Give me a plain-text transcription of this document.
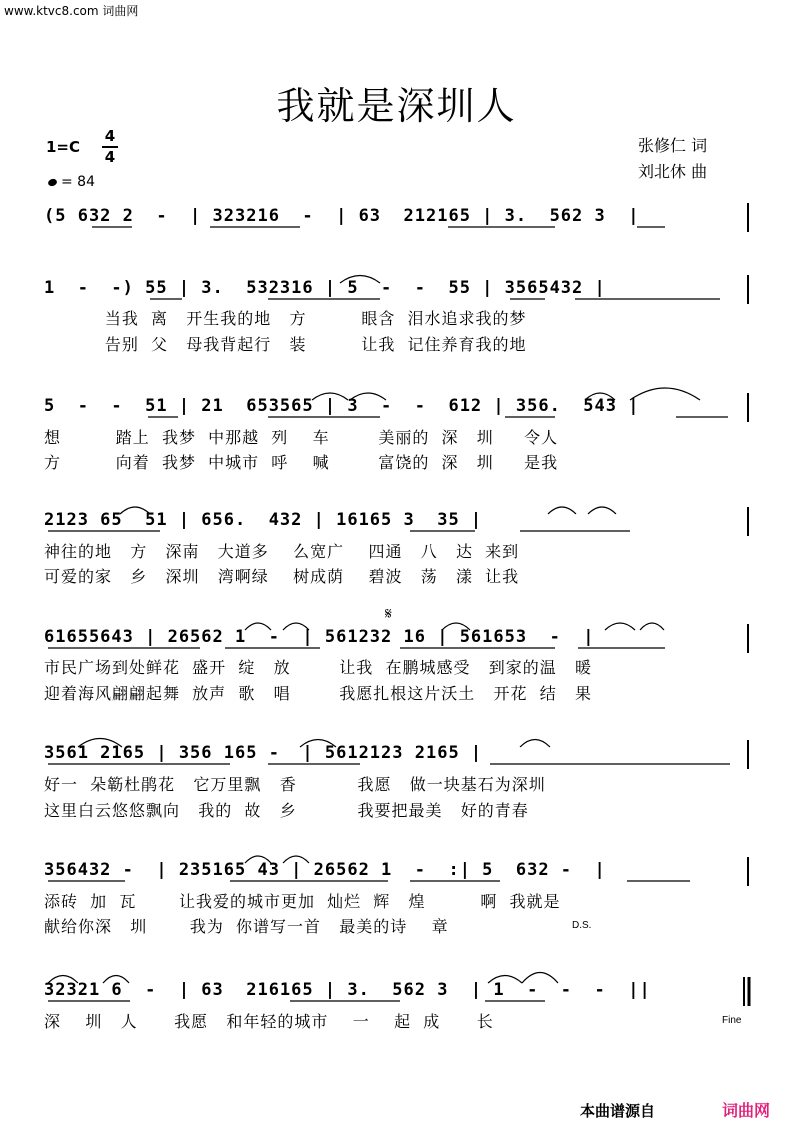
www.ktvc8.com 词曲网
我就是深圳人
1=C
4
4
= 84
张修仁 词
刘北休 曲
(5 632 2  -  | 323216  -  | 63  212165 | 3.  562 3  |
1  -  -) 55 | 3.  532316 | 5  -  -  55 | 3565432 |
当我  离   开生我的地   方         眼含  泪水追求我的梦
告别  父   母我背起行   装         让我  记住养育我的地
5  -  -  51 | 21  653565 | 3  -  -  612 | 356.  543 |
想         踏上  我梦  中那越  列    车        美丽的  深   圳     令人
方         向着  我梦  中城市  呼    喊        富饶的  深   圳     是我
2123 65  51 | 656.  432 | 16165 3  35 |
神往的地   方   深南   大道多    么宽广    四通   八   达  来到
可爱的家   乡   深圳   湾啊绿    树成荫    碧波   荡   漾  让我
𝄋
61655643 | 26562 1  -  | 561232 16 | 561653  -  |
市民广场到处鲜花  盛开  绽   放        让我  在鹏城感受   到家的温   暖
迎着海风翩翩起舞  放声  歌   唱        我愿扎根这片沃土   开花  结   果
3561 2165 | 356 165 -  | 5612123 2165 |
好一  朵簕杜鹃花   它万里飘   香          我愿   做一块基石为深圳
这里白云悠悠飘向   我的  故   乡          我要把最美   好的青春
356432 -  | 235165 43 | 26562 1  -  :| 5  632 -  |
添砖  加  瓦       让我爱的城市更加  灿烂  辉   煌         啊  我就是
献给你深   圳       我为  你谱写一首   最美的诗    章	D.S.
32321 6  -  | 63  216165 | 3.  562 3  | 1  -  -  -  ||
深    圳   人      我愿   和年轻的城市    一    起  成      长	Fine
本曲谱源自	词曲网
